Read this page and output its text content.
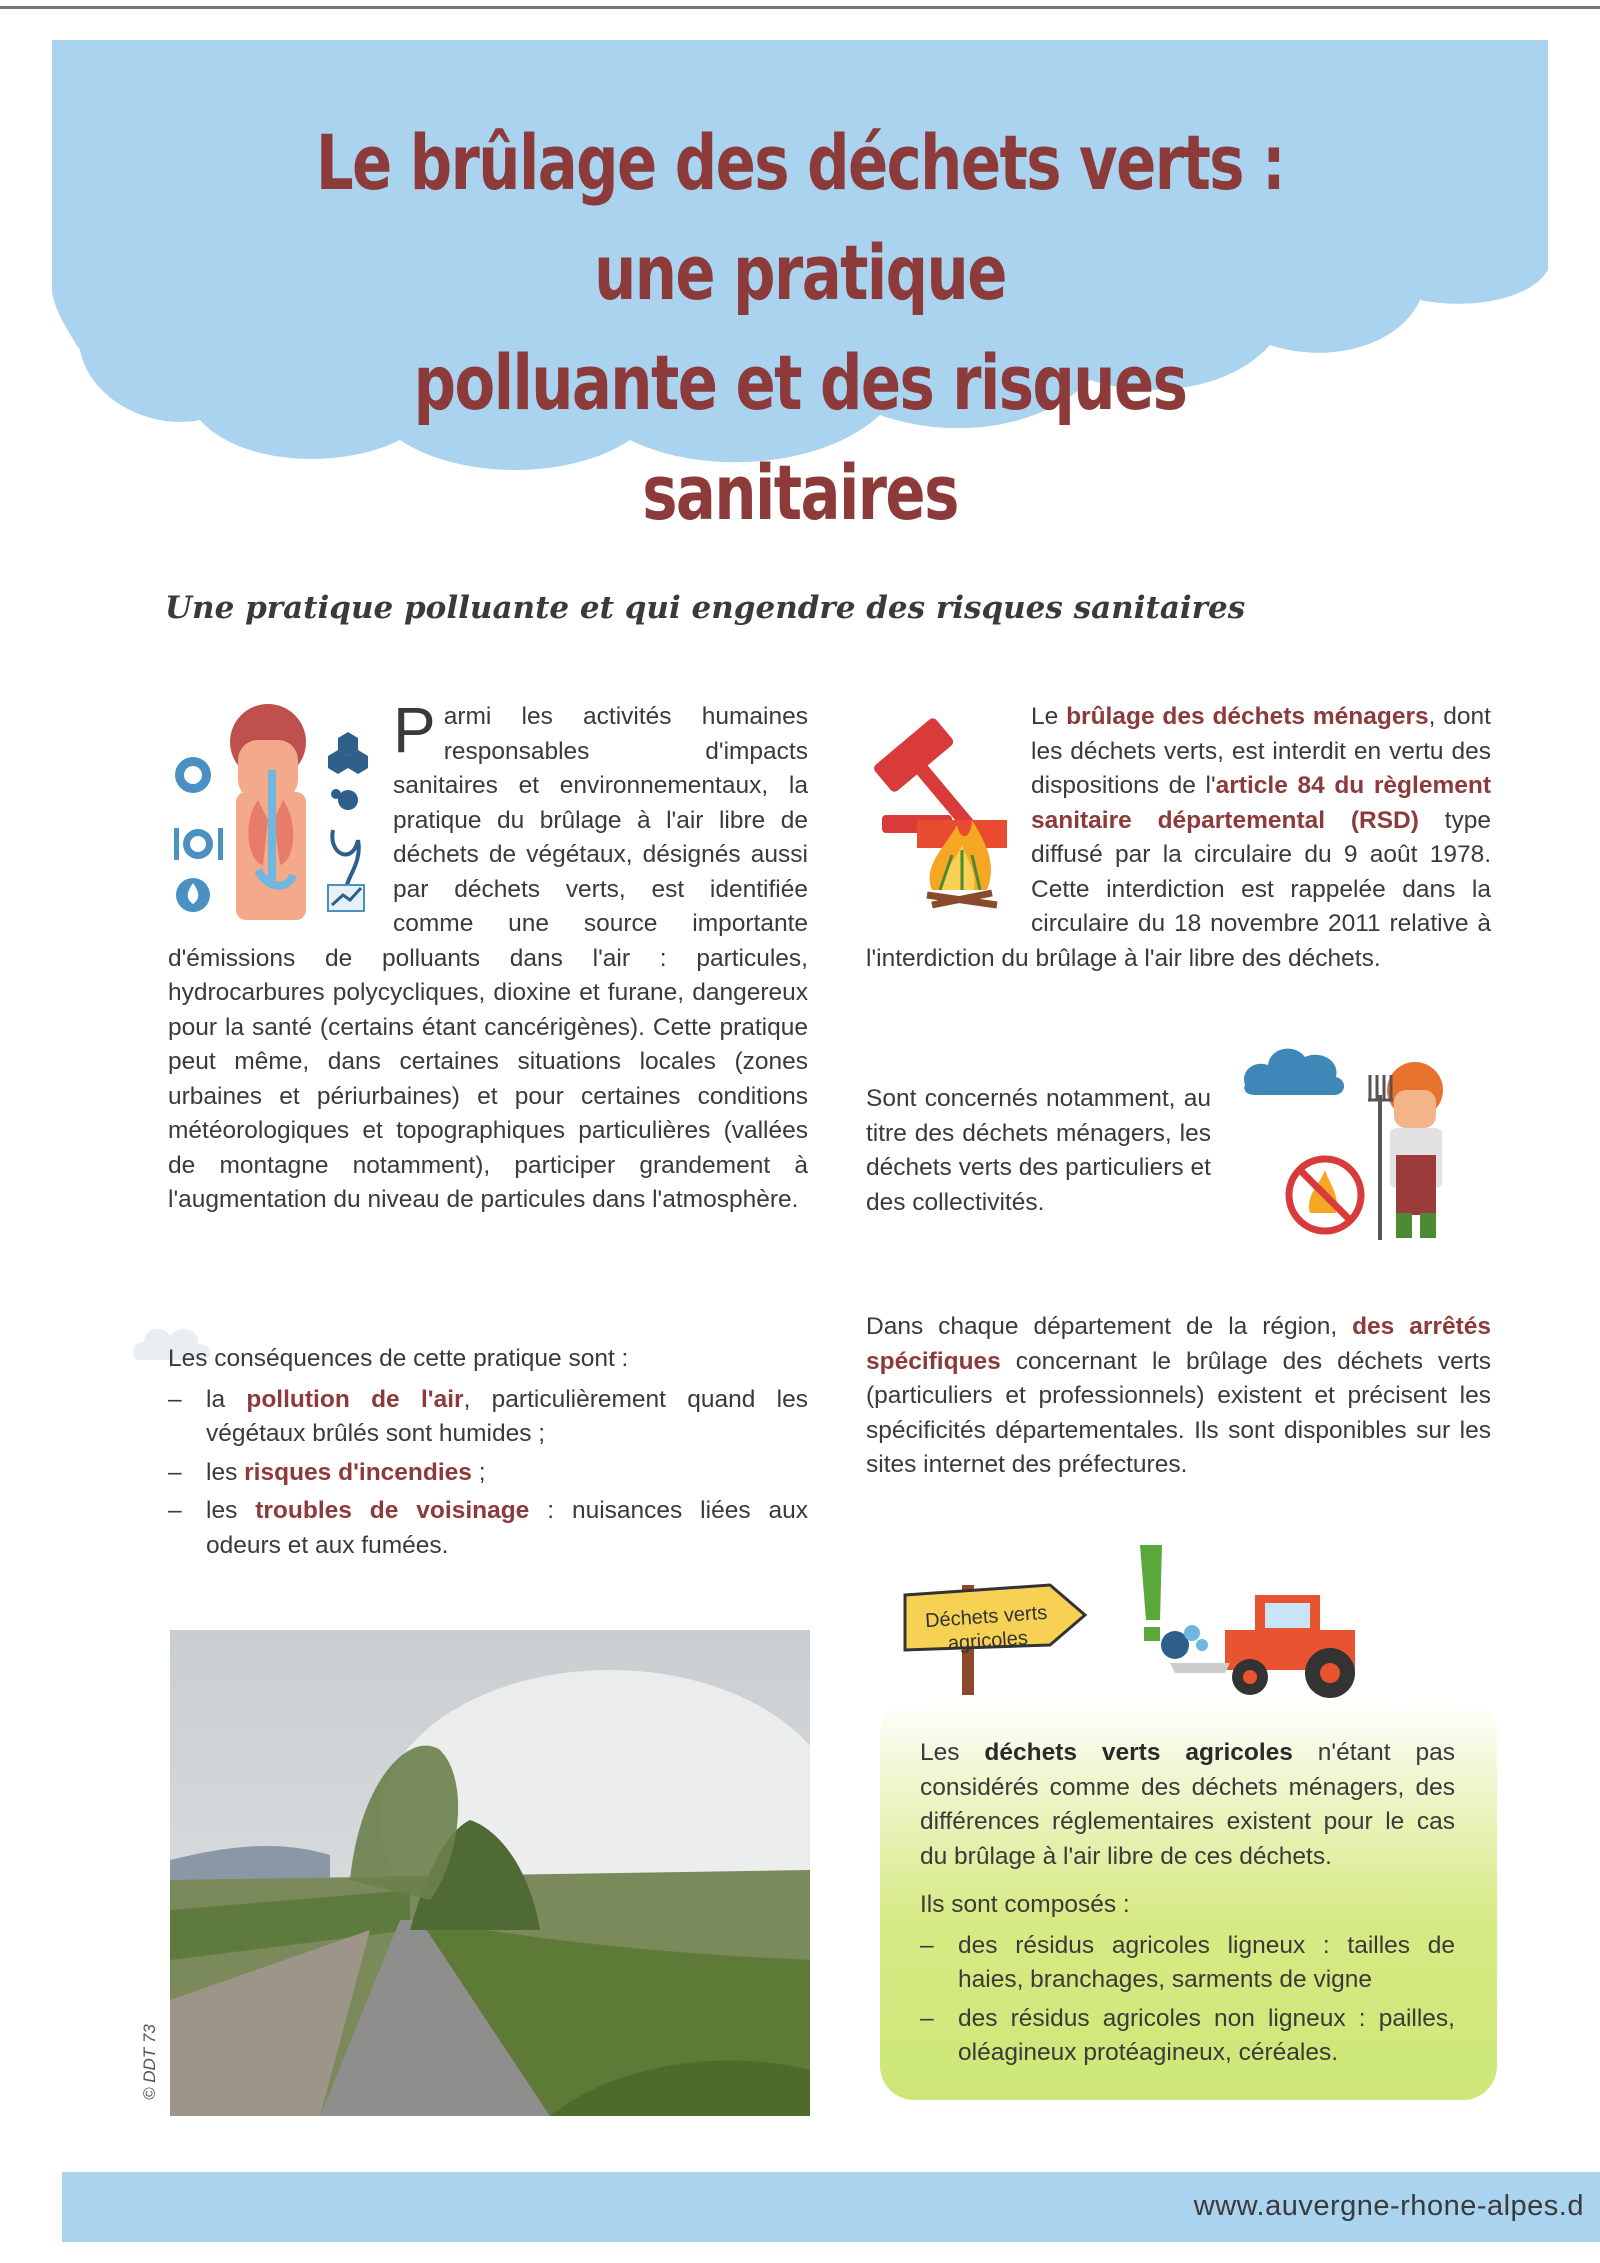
Le brûlage des déchets verts : une pratique
polluante et des risques sanitaires
Une pratique polluante et qui engendre des risques sanitaires
Parmi les activités humaines responsables d'impacts sanitaires et environnementaux, la pratique du brûlage à l'air libre de déchets de végétaux, désignés aussi par déchets verts, est identifiée comme une source importante d'émissions de polluants dans l'air : particules, hydrocarbures polycycliques, dioxine et furane, dangereux pour la santé (certains étant cancérigènes). Cette pratique peut même, dans certaines situations locales (zones urbaines et périurbaines) et pour certaines conditions météorologiques et topographiques particulières (vallées de montagne notamment), participer grandement à l'augmentation du niveau de particules dans l'atmosphère.
Les conséquences de cette pratique sont :
– la pollution de l'air, particulièrement quand les végétaux brûlés sont humides ;
– les risques d'incendies ;
– les troubles de voisinage : nuisances liées aux odeurs et aux fumées.
© DDT 73
Le brûlage des déchets ménagers, dont les déchets verts, est interdit en vertu des dispositions de l'article 84 du règlement sanitaire départemental (RSD) type diffusé par la circulaire du 9 août 1978. Cette interdiction est rappelée dans la circulaire du 18 novembre 2011 relative à l'interdiction du brûlage à l'air libre des déchets.
Sont concernés notamment, au titre des déchets ménagers, les déchets verts des particuliers et des collectivités.
Dans chaque département de la région, des arrêtés spécifiques concernant le brûlage des déchets verts (particuliers et professionnels) existent et précisent les spécificités départementales. Ils sont disponibles sur les sites internet des préfectures.
Déchets verts agricoles
Les déchets verts agricoles n'étant pas considérés comme des déchets ménagers, des différences réglementaires existent pour le cas du brûlage à l'air libre de ces déchets.
Ils sont composés :
– des résidus agricoles ligneux : tailles de haies, branchages, sarments de vigne
– des résidus agricoles non ligneux : pailles, oléagineux protéagineux, céréales.
www.auvergne-rhone-alpes.d
